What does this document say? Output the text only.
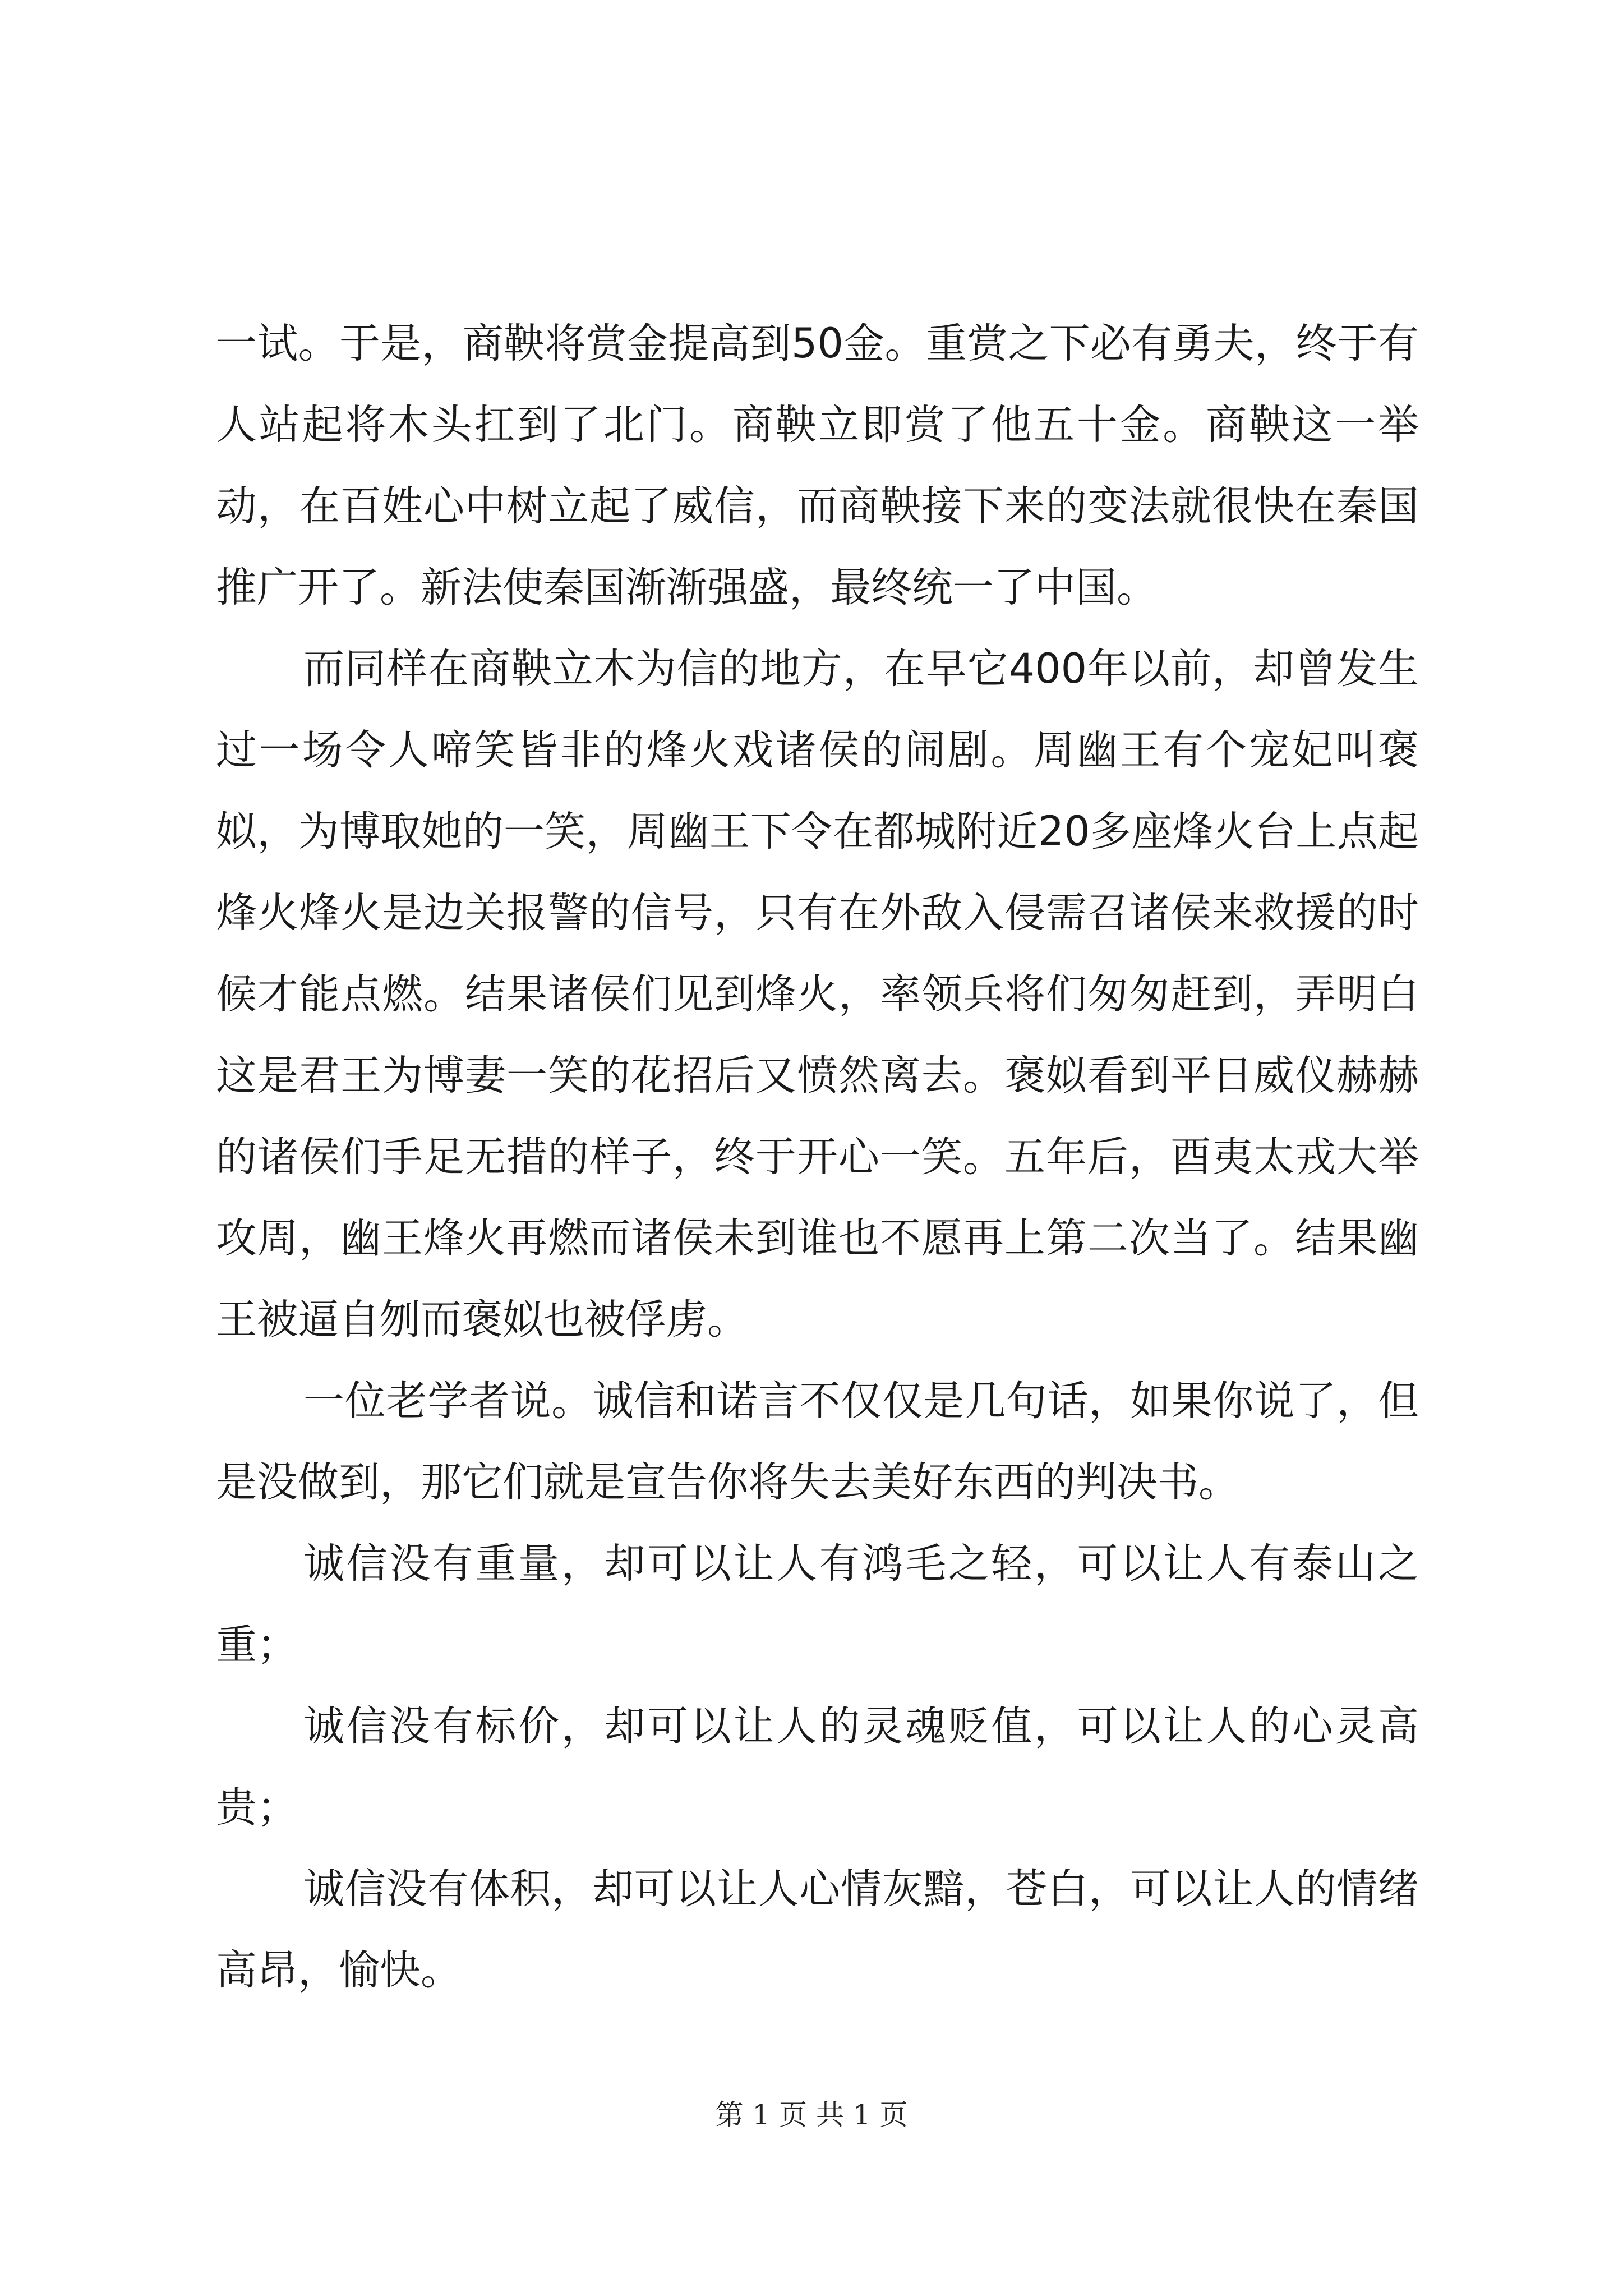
一试。于是，商鞅将赏金提高到50金。重赏之下必有勇夫，终于有人站起将木头扛到了北门。商鞅立即赏了他五十金。商鞅这一举动，在百姓心中树立起了威信，而商鞅接下来的变法就很快在秦国推广开了。新法使秦国渐渐强盛，最终统一了中国。

而同样在商鞅立木为信的地方，在早它400年以前，却曾发生过一场令人啼笑皆非的烽火戏诸侯的闹剧。周幽王有个宠妃叫褒姒，为博取她的一笑，周幽王下令在都城附近20多座烽火台上点起烽火烽火是边关报警的信号，只有在外敌入侵需召诸侯来救援的时候才能点燃。结果诸侯们见到烽火，率领兵将们匆匆赶到，弄明白这是君王为博妻一笑的花招后又愤然离去。褒姒看到平日威仪赫赫的诸侯们手足无措的样子，终于开心一笑。五年后，酉夷太戎大举攻周，幽王烽火再燃而诸侯未到谁也不愿再上第二次当了。结果幽王被逼自刎而褒姒也被俘虏。

一位老学者说。诚信和诺言不仅仅是几句话，如果你说了，但是没做到，那它们就是宣告你将失去美好东西的判决书。

诚信没有重量，却可以让人有鸿毛之轻，可以让人有泰山之重；

诚信没有标价，却可以让人的灵魂贬值，可以让人的心灵高贵；

诚信没有体积，却可以让人心情灰黯，苍白，可以让人的情绪高昂，愉快。

第 1 页 共 1 页
